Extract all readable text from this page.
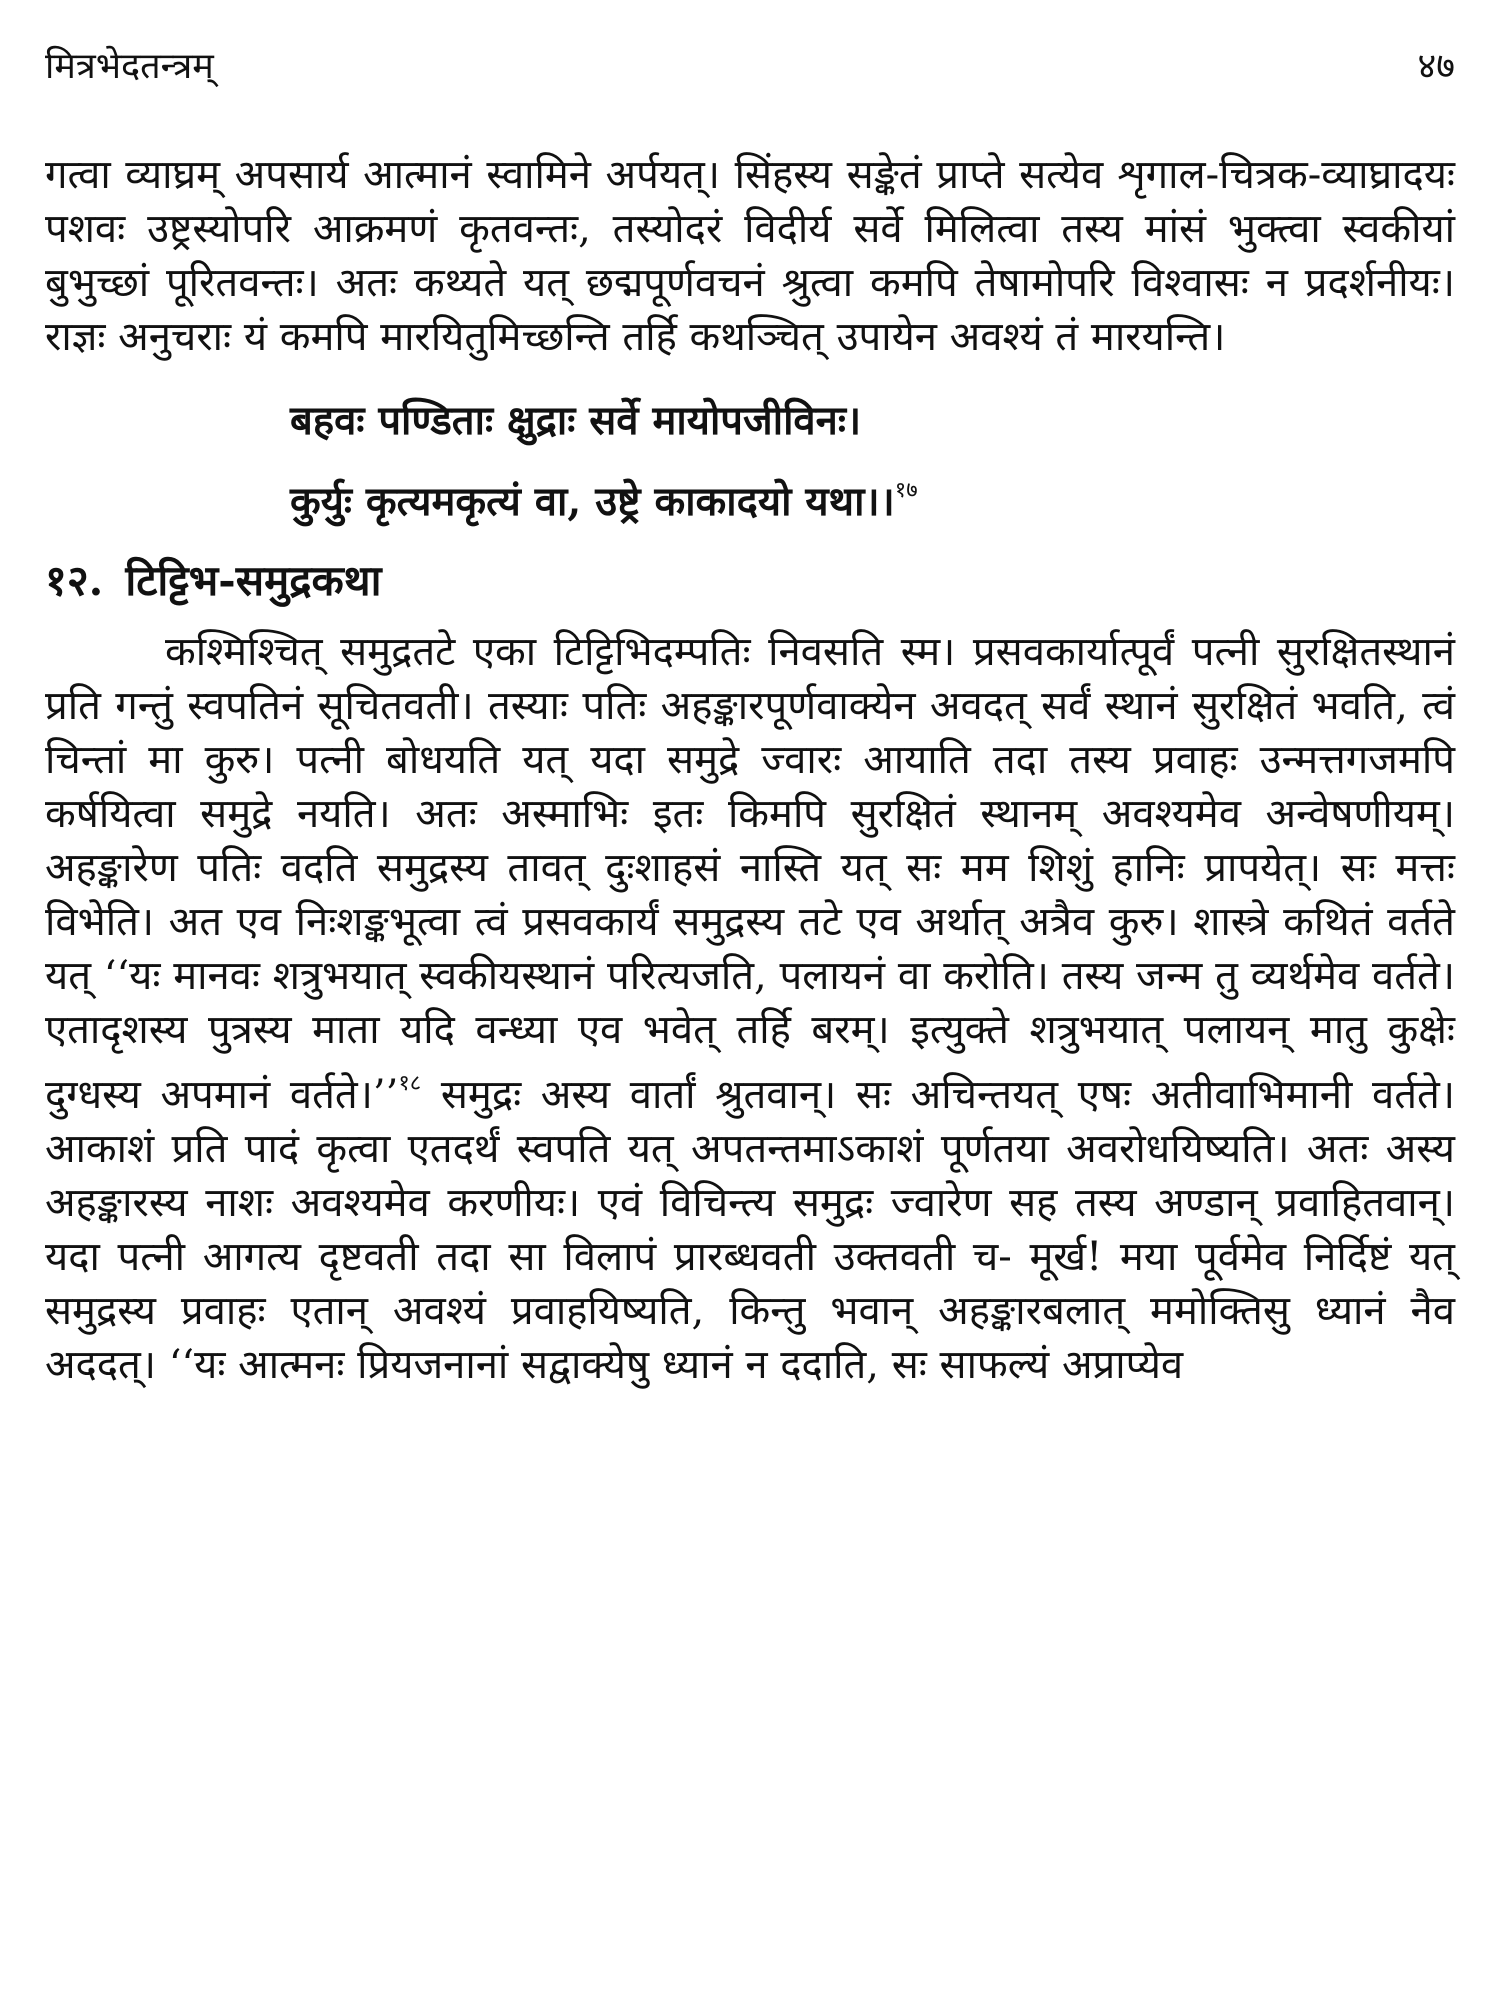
मित्रभेदतन्त्रम्	४७

गत्वा व्याघ्रम् अपसार्य आत्मानं स्वामिने अर्पयत्। सिंहस्य सङ्केतं प्राप्ते सत्येव शृगाल-चित्रक-व्याघ्रादयः पशवः उष्ट्रस्योपरि आक्रमणं कृतवन्तः, तस्योदरं विदीर्य सर्वे मिलित्वा तस्य मांसं भुक्त्वा स्वकीयां बुभुच्छां पूरितवन्तः। अतः कथ्यते यत् छद्मपूर्णवचनं श्रुत्वा कमपि तेषामोपरि विश्वासः न प्रदर्शनीयः। राज्ञः अनुचराः यं कमपि मारयितुमिच्छन्ति तर्हि कथञ्चित् उपायेन अवश्यं तं मारयन्ति।

बहवः पण्डिताः क्षुद्राः सर्वे मायोपजीविनः।
कुर्युः कृत्यमकृत्यं वा, उष्ट्रे काकादयो यथा।।$^{१७}$
१२. टिट्टिभ-समुद्रकथा

कश्मिश्चित् समुद्रतटे एका टिट्टिभिदम्पतिः निवसति स्म। प्रसवकार्यात्पूर्वं पत्नी सुरक्षितस्थानं प्रति गन्तुं स्वपतिनं सूचितवती। तस्याः पतिः अहङ्कारपूर्णवाक्येन अवदत् सर्वं स्थानं सुरक्षितं भवति, त्वं चिन्तां मा कुरु। पत्नी बोधयति यत् यदा समुद्रे ज्वारः आयाति तदा तस्य प्रवाहः उन्मत्तगजमपि कर्षयित्वा समुद्रे नयति। अतः अस्माभिः इतः किमपि सुरक्षितं स्थानम् अवश्यमेव अन्वेषणीयम्। अहङ्कारेण पतिः वदति समुद्रस्य तावत् दुःशाहसं नास्ति यत् सः मम शिशुं हानिः प्रापयेत्। सः मत्तः विभेति। अत एव निःशङ्कभूत्वा त्वं प्रसवकार्यं समुद्रस्य तटे एव अर्थात् अत्रैव कुरु। शास्त्रे कथितं वर्तते यत् ‘‘यः मानवः शत्रुभयात् स्वकीयस्थानं परित्यजति, पलायनं वा करोति। तस्य जन्म तु व्यर्थमेव वर्तते। एतादृशस्य पुत्रस्य माता यदि वन्ध्या एव भवेत् तर्हि बरम्। इत्युक्ते शत्रुभयात् पलायन् मातु कुक्षेः दुग्धस्य अपमानं वर्तते।’’$^{१८}$ समुद्रः अस्य वार्तां श्रुतवान्। सः अचिन्तयत् एषः अतीवाभिमानी वर्तते। आकाशं प्रति पादं कृत्वा एतदर्थं स्वपति यत् अपतन्तमाऽकाशं पूर्णतया अवरोधयिष्यति। अतः अस्य अहङ्कारस्य नाशः अवश्यमेव करणीयः। एवं विचिन्त्य समुद्रः ज्वारेण सह तस्य अण्डान् प्रवाहितवान्। यदा पत्नी आगत्य दृष्टवती तदा सा विलापं प्रारब्धवती उक्तवती च- मूर्ख! मया पूर्वमेव निर्दिष्टं यत् समुद्रस्य प्रवाहः एतान् अवश्यं प्रवाहयिष्यति, किन्तु भवान् अहङ्कारबलात् ममोक्तिसु ध्यानं नैव अददत्। ‘‘यः आत्मनः प्रियजनानां सद्वाक्येषु ध्यानं न ददाति, सः साफल्यं अप्राप्येव
